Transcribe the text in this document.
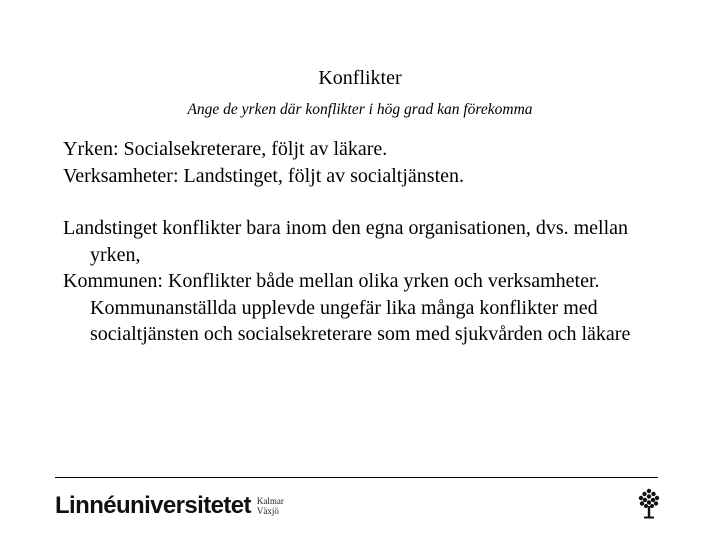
Konflikter
Ange de yrken där konflikter i hög grad kan förekomma

Yrken: Socialsekreterare, följt av läkare.

Verksamheter: Landstinget, följt av socialtjänsten.

Landstinget konflikter bara inom den egna organisationen, dvs. mellan yrken,

Kommunen: Konflikter både mellan olika yrken och verksamheter. Kommunanställda upplevde ungefär lika många konflikter med socialtjänsten och socialsekreterare som med sjukvården och läkare

Linnéuniversitetet Kalmar
Växjö
